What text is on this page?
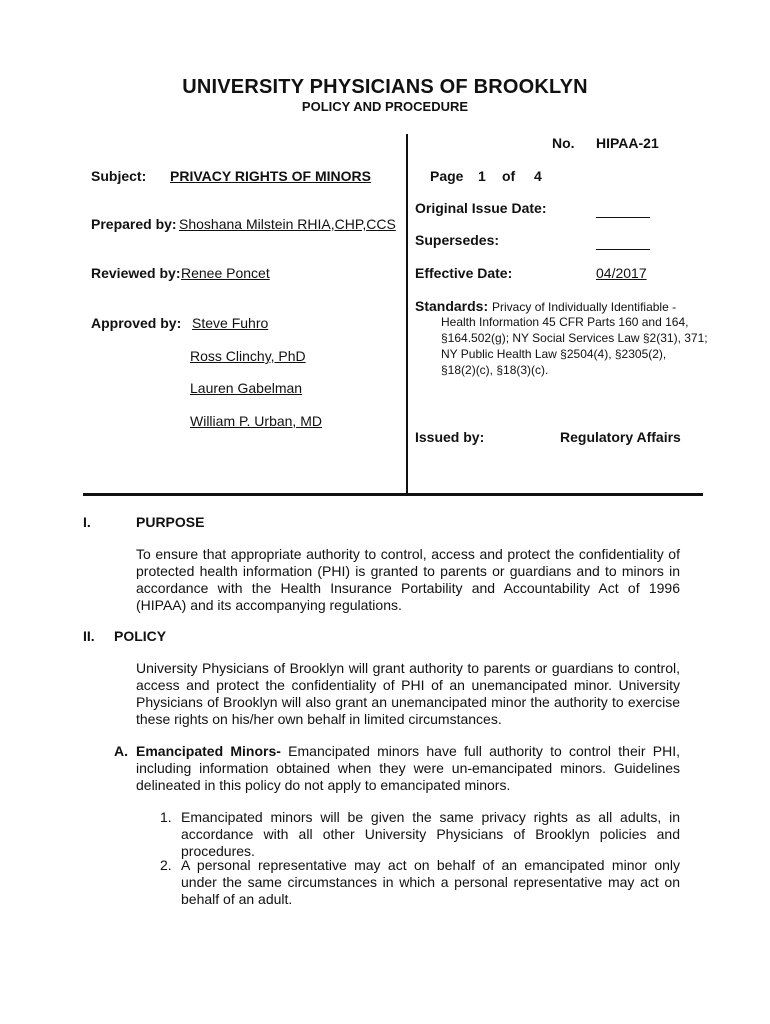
UNIVERSITY PHYSICIANS OF BROOKLYN
POLICY AND PROCEDURE
No. HIPAA-21
Subject: PRIVACY RIGHTS OF MINORS	Page 1 of 4
Original Issue Date:
Prepared by: Shoshana Milstein RHIA,CHP,CCS
Supersedes:
Reviewed by: Renee Poncet	Effective Date:	04/2017
Standards: Privacy of Individually Identifiable -
Health Information 45 CFR Parts 160 and 164,
§164.502(g); NY Social Services Law §2(31), 371;
NY Public Health Law §2504(4), §2305(2),
§18(2)(c), §18(3)(c).
Approved by: Steve Fuhro
Ross Clinchy, PhD
Lauren Gabelman
William P. Urban, MD
Issued by:	Regulatory Affairs
I.	PURPOSE
To ensure that appropriate authority to control, access and protect the confidentiality of protected health information (PHI) is granted to parents or guardians and to minors in accordance with the Health Insurance Portability and Accountability Act of 1996 (HIPAA) and its accompanying regulations.
II. POLICY
University Physicians of Brooklyn will grant authority to parents or guardians to control, access and protect the confidentiality of PHI of an unemancipated minor. University Physicians of Brooklyn will also grant an unemancipated minor the authority to exercise these rights on his/her own behalf in limited circumstances.
A. Emancipated Minors- Emancipated minors have full authority to control their PHI, including information obtained when they were un-emancipated minors. Guidelines delineated in this policy do not apply to emancipated minors.
1. Emancipated minors will be given the same privacy rights as all adults, in accordance with all other University Physicians of Brooklyn policies and procedures.
2. A personal representative may act on behalf of an emancipated minor only under the same circumstances in which a personal representative may act on behalf of an adult.
